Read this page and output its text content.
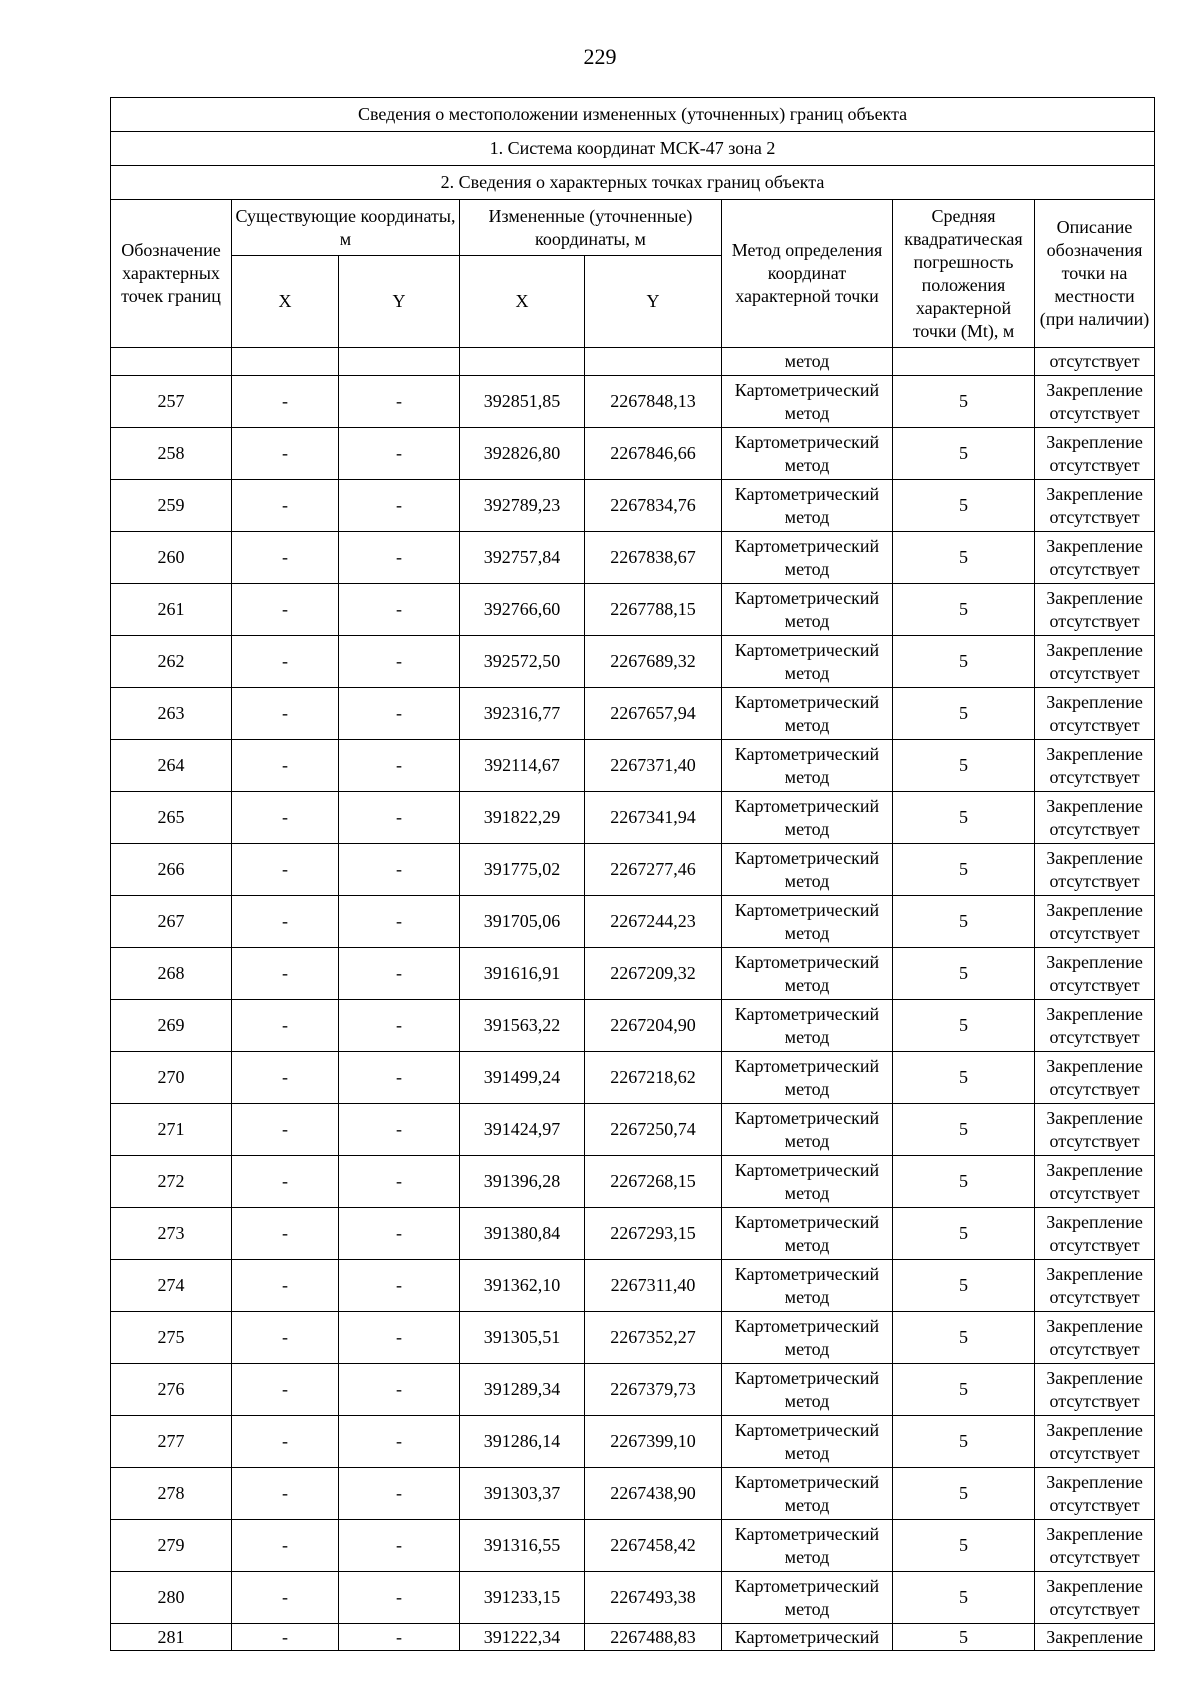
229
Сведения о местоположении измененных (уточненных) границ объекта							
1. Система координат МСК-47 зона 2							
2. Сведения о характерных точках границ объекта							
Обозначение характерных точек границ	Существующие координаты, м		Измененные (уточненные) координаты, м		Метод определения координат характерной точки	Средняя квадратическая погрешность положения характерной точки (Mt), м	Описание обозначения точки на местности (при наличии)
	X	Y	X	Y			
					метод		отсутствует
257	-	-	392851,85	2267848,13	Картометрический метод	5	Закрепление отсутствует
258	-	-	392826,80	2267846,66	Картометрический метод	5	Закрепление отсутствует
259	-	-	392789,23	2267834,76	Картометрический метод	5	Закрепление отсутствует
260	-	-	392757,84	2267838,67	Картометрический метод	5	Закрепление отсутствует
261	-	-	392766,60	2267788,15	Картометрический метод	5	Закрепление отсутствует
262	-	-	392572,50	2267689,32	Картометрический метод	5	Закрепление отсутствует
263	-	-	392316,77	2267657,94	Картометрический метод	5	Закрепление отсутствует
264	-	-	392114,67	2267371,40	Картометрический метод	5	Закрепление отсутствует
265	-	-	391822,29	2267341,94	Картометрический метод	5	Закрепление отсутствует
266	-	-	391775,02	2267277,46	Картометрический метод	5	Закрепление отсутствует
267	-	-	391705,06	2267244,23	Картометрический метод	5	Закрепление отсутствует
268	-	-	391616,91	2267209,32	Картометрический метод	5	Закрепление отсутствует
269	-	-	391563,22	2267204,90	Картометрический метод	5	Закрепление отсутствует
270	-	-	391499,24	2267218,62	Картометрический метод	5	Закрепление отсутствует
271	-	-	391424,97	2267250,74	Картометрический метод	5	Закрепление отсутствует
272	-	-	391396,28	2267268,15	Картометрический метод	5	Закрепление отсутствует
273	-	-	391380,84	2267293,15	Картометрический метод	5	Закрепление отсутствует
274	-	-	391362,10	2267311,40	Картометрический метод	5	Закрепление отсутствует
275	-	-	391305,51	2267352,27	Картометрический метод	5	Закрепление отсутствует
276	-	-	391289,34	2267379,73	Картометрический метод	5	Закрепление отсутствует
277	-	-	391286,14	2267399,10	Картометрический метод	5	Закрепление отсутствует
278	-	-	391303,37	2267438,90	Картометрический метод	5	Закрепление отсутствует
279	-	-	391316,55	2267458,42	Картометрический метод	5	Закрепление отсутствует
280	-	-	391233,15	2267493,38	Картометрический метод	5	Закрепление отсутствует
281	-	-	391222,34	2267488,83	Картометрический	5	Закрепление
